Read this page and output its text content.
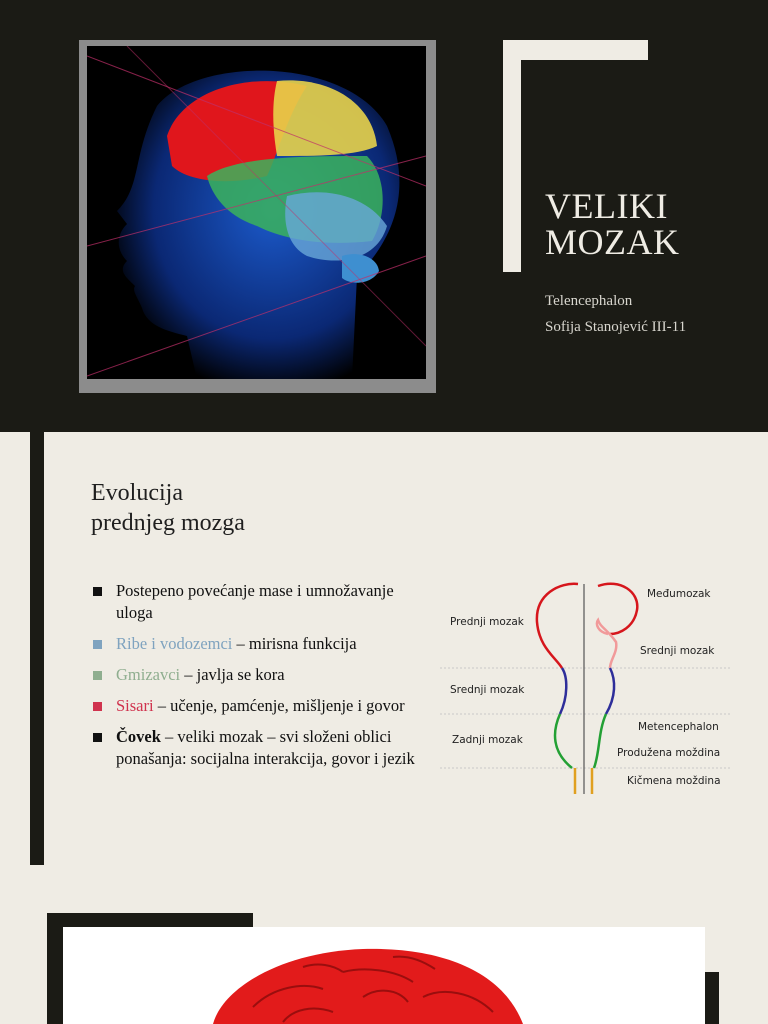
VELIKI
MOZAK
Telencephalon
Sofija Stanojević III-11
Evolucija
prednjeg mozga
Postepeno povećanje mase i umnožavanje uloga
Ribe i vodozemci – mirisna funkcija
Gmizavci – javlja se kora
Sisari – učenje, pamćenje, mišljenje i govor
Čovek – veliki mozak – svi složeni oblici ponašanja: socijalna interakcija, govor i jezik
Međumozak
Prednji mozak
Srednji mozak
Srednji mozak
Metencephalon
Zadnji mozak
Produžena moždina
Kičmena moždina
